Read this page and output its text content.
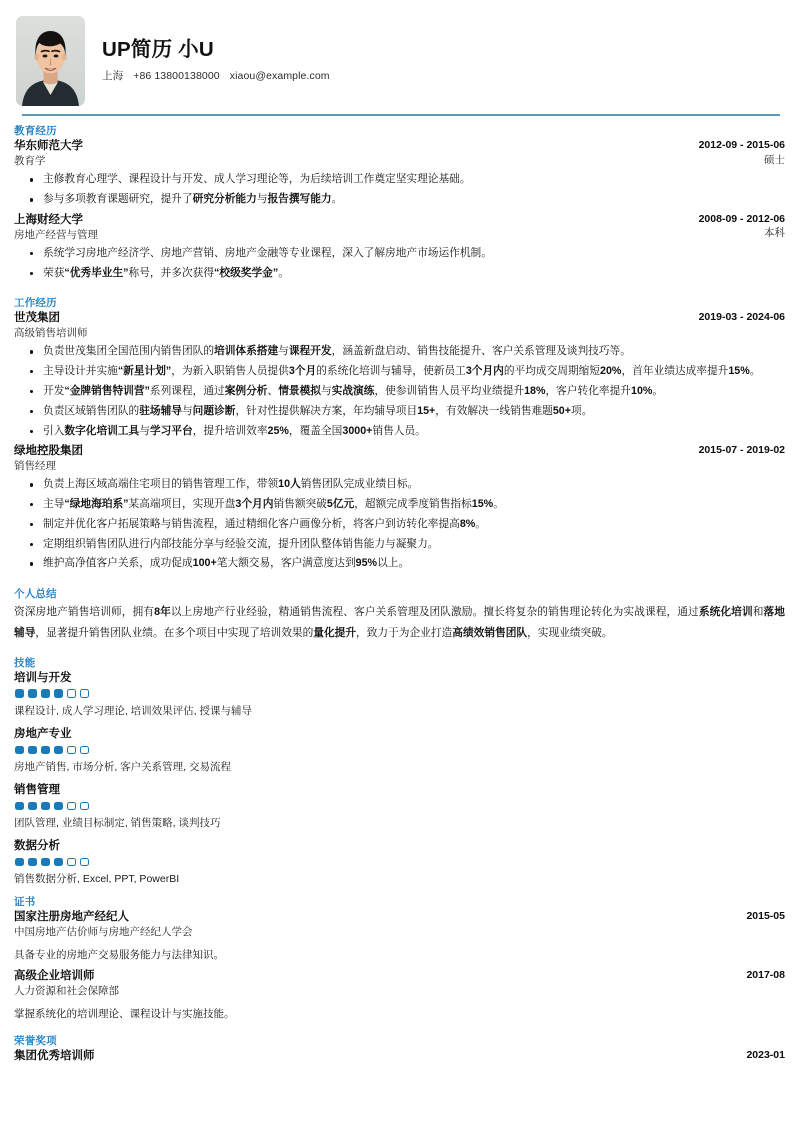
UP简历 小U
上海 +86 13800138000 xiaou@example.com
教育经历
华东师范大学
教育学
2012-09 - 2015-06
硕士
主修教育心理学、课程设计与开发、成人学习理论等，为后续培训工作奠定坚实理论基础。
参与多项教育课题研究，提升了研究分析能力与报告撰写能力。
上海财经大学
房地产经营与管理
2008-09 - 2012-06
本科
系统学习房地产经济学、房地产营销、房地产金融等专业课程，深入了解房地产市场运作机制。
荣获“优秀毕业生”称号，并多次获得“校级奖学金”。
工作经历
世茂集团
高级销售培训师
2019-03 - 2024-06
负责世茂集团全国范围内销售团队的培训体系搭建与课程开发，涵盖新盘启动、销售技能提升、客户关系管理及谈判技巧等。
主导设计并实施“新星计划”，为新入职销售人员提供3个月的系统化培训与辅导，使新员工3个月内的平均成交周期缩短20%，首年业绩达成率提升15%。
开发“金牌销售特训营”系列课程，通过案例分析、情景模拟与实战演练，使参训销售人员平均业绩提升18%，客户转化率提升10%。
负责区域销售团队的驻场辅导与问题诊断，针对性提供解决方案，年均辅导项目15+，有效解决一线销售难题50+项。
引入数字化培训工具与学习平台，提升培训效率25%，覆盖全国3000+销售人员。
绿地控股集团
销售经理
2015-07 - 2019-02
负责上海区域高端住宅项目的销售管理工作，带领10人销售团队完成业绩目标。
主导“绿地海珀系”某高端项目，实现开盘3个月内销售额突破5亿元，超额完成季度销售指标15%。
制定并优化客户拓展策略与销售流程，通过精细化客户画像分析，将客户到访转化率提高8%。
定期组织销售团队进行内部技能分享与经验交流，提升团队整体销售能力与凝聚力。
维护高净值客户关系，成功促成100+笔大额交易，客户满意度达到95%以上。
个人总结
资深房地产销售培训师，拥有8年以上房地产行业经验，精通销售流程、客户关系管理及团队激励。擅长将复杂的销售理论转化为实战课程，通过系统化培训和落地辅导，显著提升销售团队业绩。在多个项目中实现了培训效果的量化提升，致力于为企业打造高绩效销售团队，实现业绩突破。
技能
培训与开发
课程设计, 成人学习理论, 培训效果评估, 授课与辅导
房地产专业
房地产销售, 市场分析, 客户关系管理, 交易流程
销售管理
团队管理, 业绩目标制定, 销售策略, 谈判技巧
数据分析
销售数据分析, Excel, PPT, PowerBI
证书
国家注册房地产经纪人
中国房地产估价师与房地产经纪人学会
2015-05
具备专业的房地产交易服务能力与法律知识。
高级企业培训师
人力资源和社会保障部
2017-08
掌握系统化的培训理论、课程设计与实施技能。
荣誉奖项
集团优秀培训师	2023-01
